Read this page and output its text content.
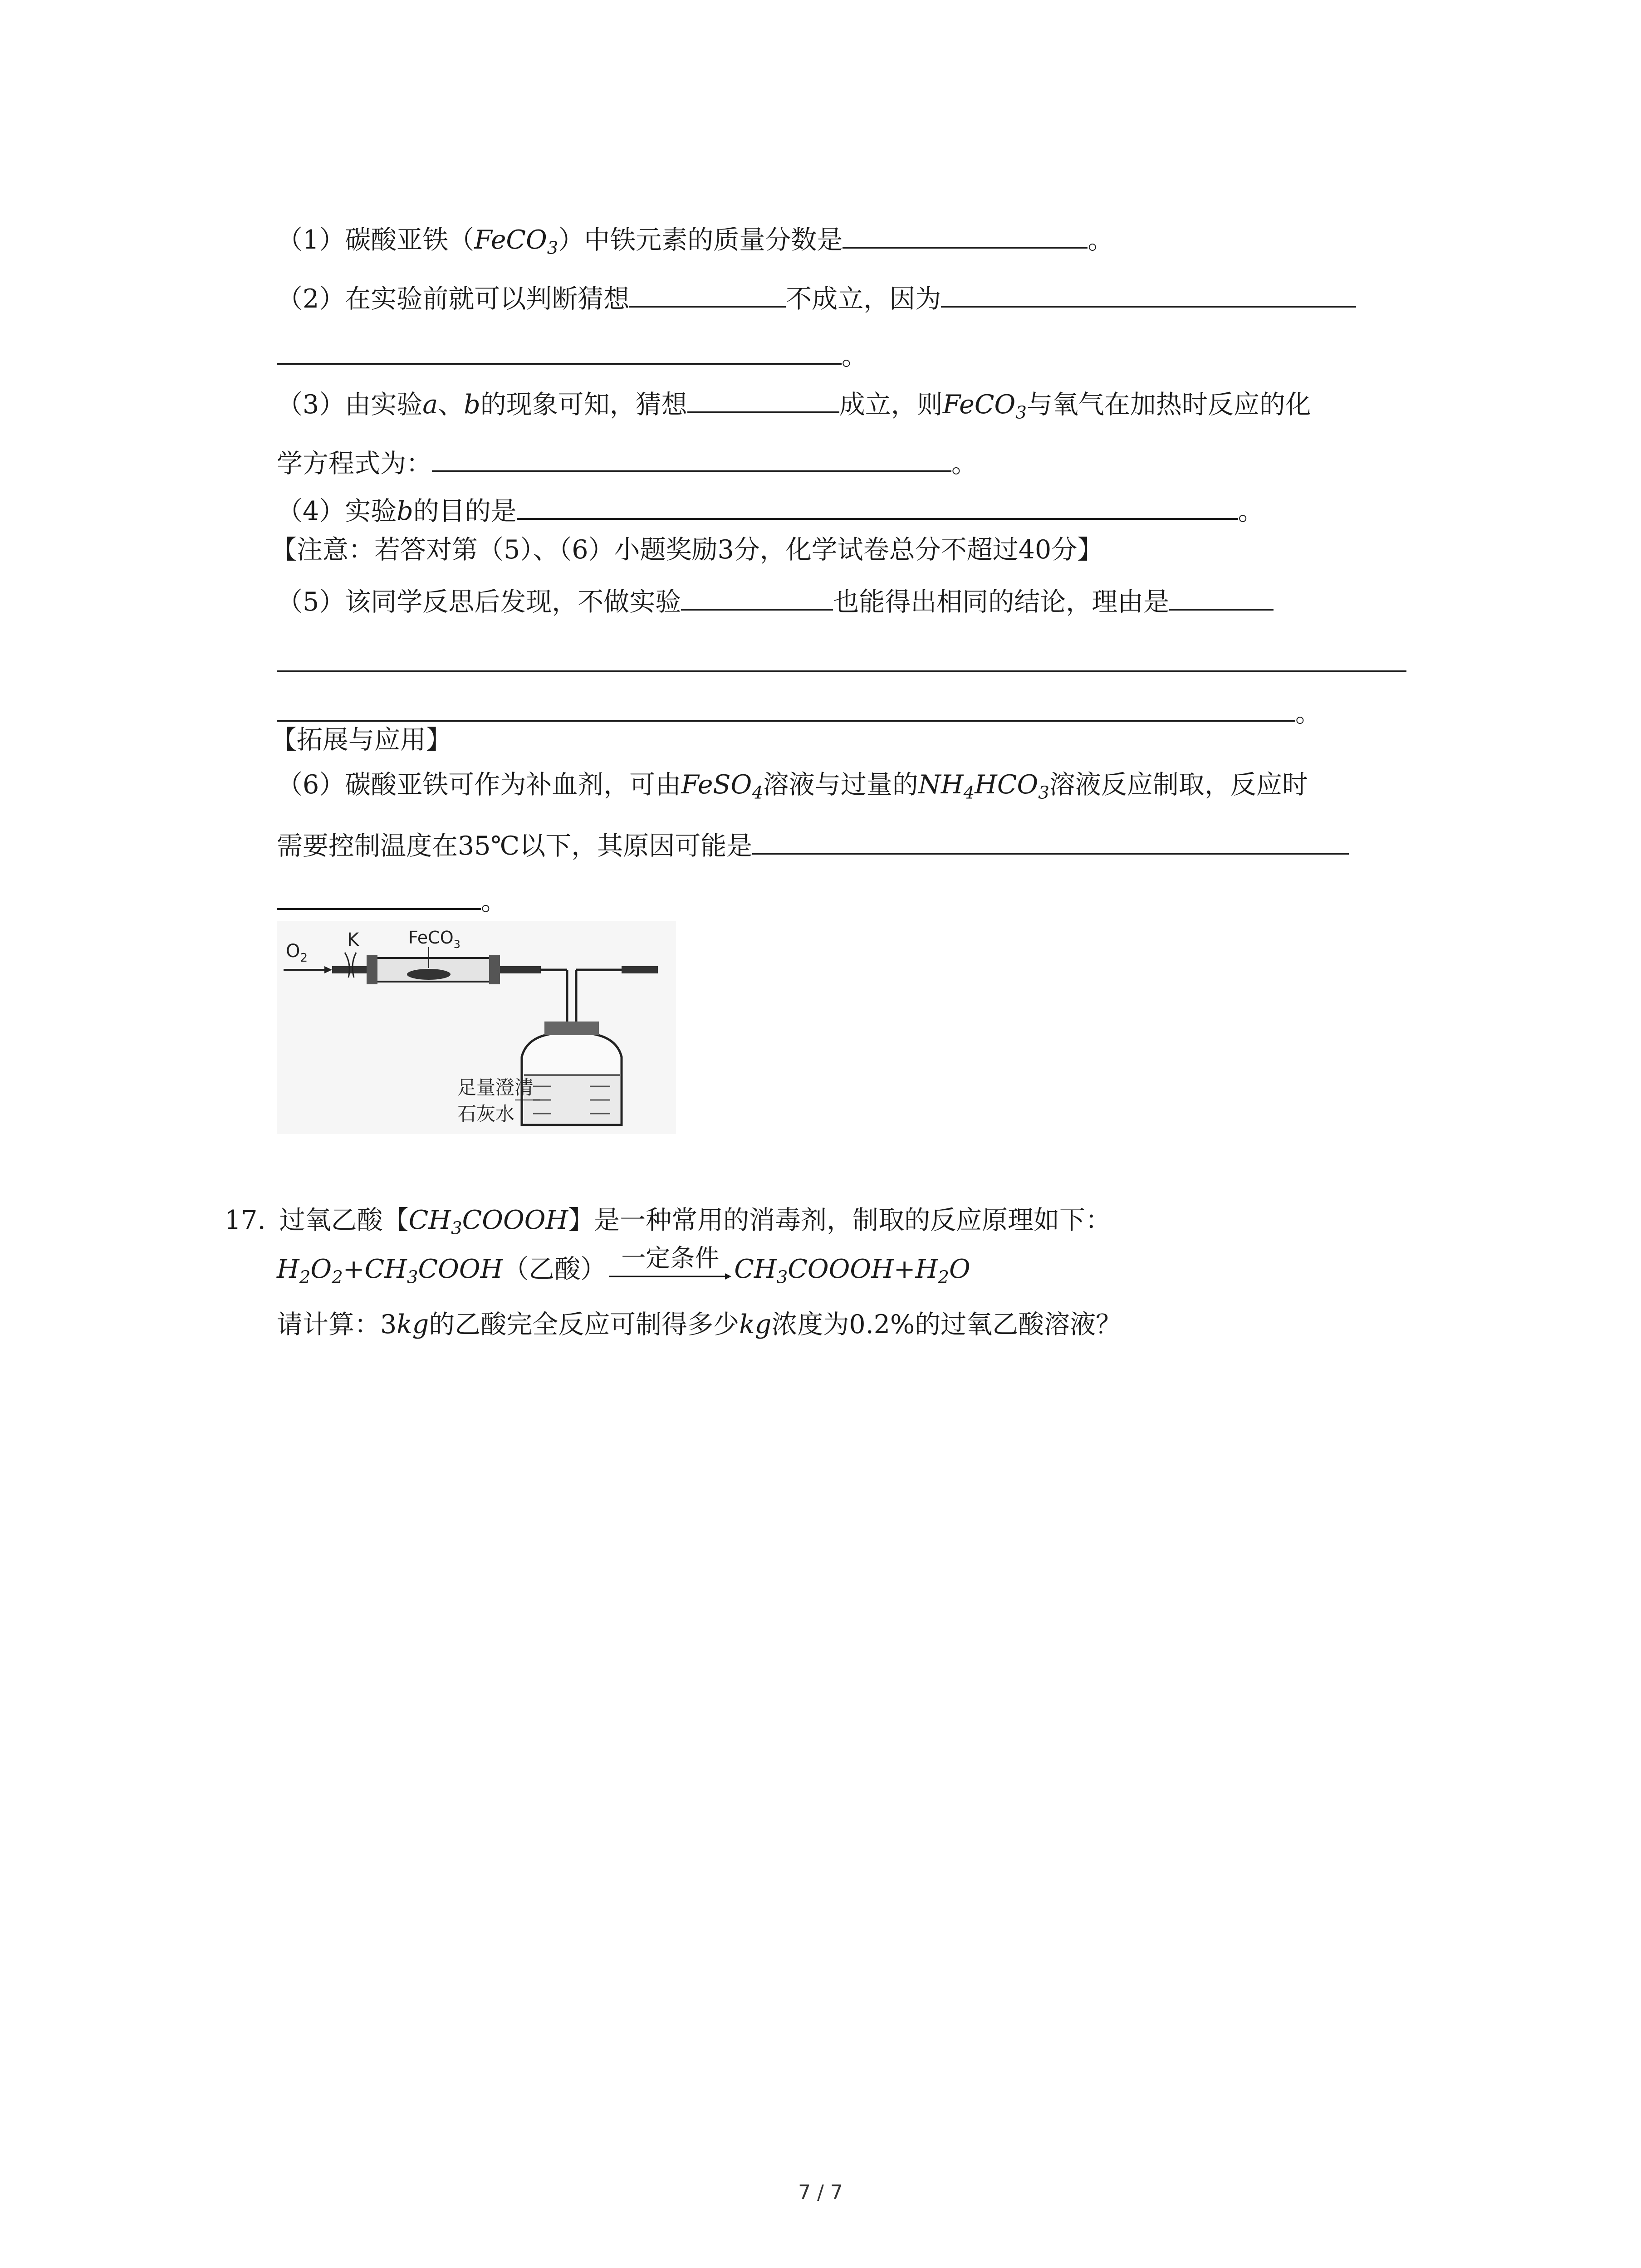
（1）碳酸亚铁（FeCO$_3$）中铁元素的质量分数是	。
（2）在实验前就可以判断猜想	不成立，因为
。
（3）由实验a、b的现象可知，猜想	成立，则FeCO$_3$与氧气在加热时反应的化
学方程式为：	。
（4）实验b的目的是	。
【注意：若答对第（5）、（6）小题奖励3分，化学试卷总分不超过40分】
（5）该同学反思后发现，不做实验	也能得出相同的结论，理由是
。
【拓展与应用】
（6）碳酸亚铁可作为补血剂，可由FeSO$_4$溶液与过量的$NH_4HCO_3$溶液反应制取，反应时
需要控制温度在35℃以下，其原因可能是
。
$O_2$
K	FeCO$_3$
足量澄清
石灰水
17. 过氧乙酸【$CH_3COOOH$】是一种常用的消毒剂，制取的反应原理如下：
$H_2O_2+CH_3COOH$（乙酸） 一定条件 $CH_3COOOH+H_2O$
请计算：3kg的乙酸完全反应可制得多少kg浓度为0.2%的过氧乙酸溶液？
7 / 7
